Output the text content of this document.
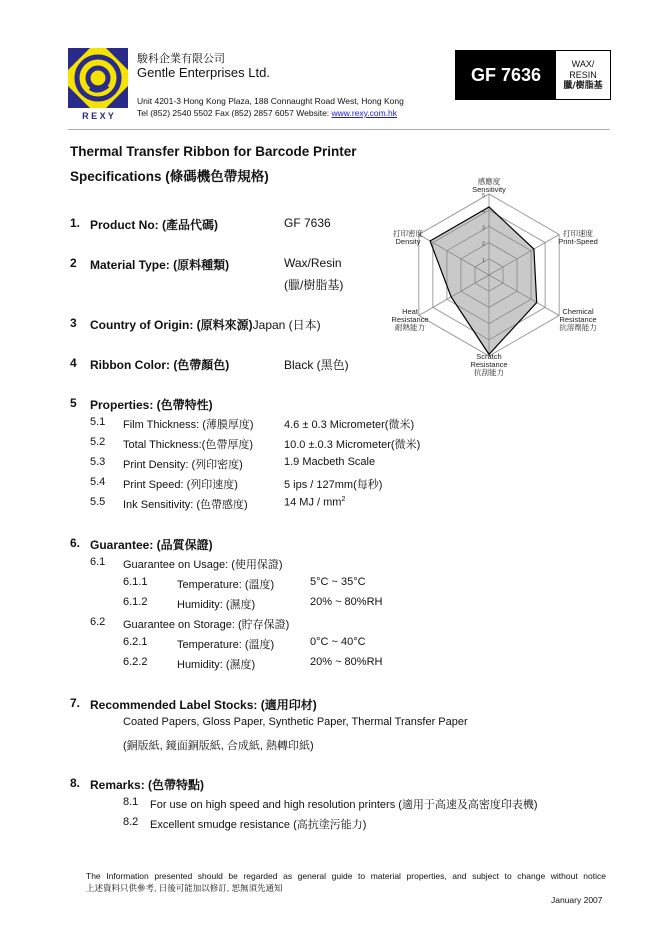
R E X Y
駿科企業有限公司
Gentle Enterprises Ltd.
Unit 4201-3 Hong Kong Plaza, 188 Connaught Road West, Hong Kong
Tel (852) 2540 5502 Fax (852) 2857 6057 Website: www.rexy.com.hk
GF 7636
WAX/
RESIN
臘/樹脂基
Thermal Transfer Ribbon for Barcode Printer
Specifications (條碼機色帶規格)
1. Product No: (產品代碼)	GF 7636
2 Material Type: (原料種類)	Wax/Resin
(臘/樹脂基)
3 Country of Origin: (原料來源)Japan (日本)
4 Ribbon Color: (色帶顏色)	Black (黑色)
5 Properties: (色帶特性)
5.1 Film Thickness: (薄膜厚度)	4.6 ± 0.3 Micrometer(微米)
5.2 Total Thickness:(色帶厚度)	10.0 ±.0.3 Micrometer(微米)
5.3 Print Density: (列印密度)	1.9 Macbeth Scale
5.4 Print Speed: (列印速度)	5 ips / 127mm(每秒)
5.5 Ink Sensitivity: (色帶感度)	14 MJ / $mm^2$
6. Guarantee: (品質保證)
6.1 Guarantee on Usage: (使用保證)
6.1.1	Temperature: (溫度)	5°C ~ 35°C
6.1.2	Humidity: (濕度)	20% ~ 80%RH
6.2 Guarantee on Storage: (貯存保證)
6.2.1	Temperature: (溫度)	0°C ~ 40°C
6.2.2	Humidity: (濕度)	20% ~ 80%RH
7. Recommended Label Stocks: (適用印材)
Coated Papers, Gloss Paper, Synthetic Paper, Thermal Transfer Paper
(銅版紙, 鏡面銅版紙, 合成紙, 熱轉印紙)
8. Remarks: (色帶特點)
8.1 For use on high speed and high resolution printers (適用于高速及高密度印表機)
8.2 Excellent smudge resistance (高抗塗污能力)
1
2
3
4
5
感應度
Sensitivity
打印速度
Print-Speed
Chemical
Resistance
抗溶劑能力
Scratch
Resistance
抗刮能力
Heat
Resistance
耐熱能力
打印密度
Density
The Information presented should be regarded as general guide to material properties, and subject to change without notice
上述資料只供參考, 日後可能加以修訂, 恕無須先通知
January 2007
